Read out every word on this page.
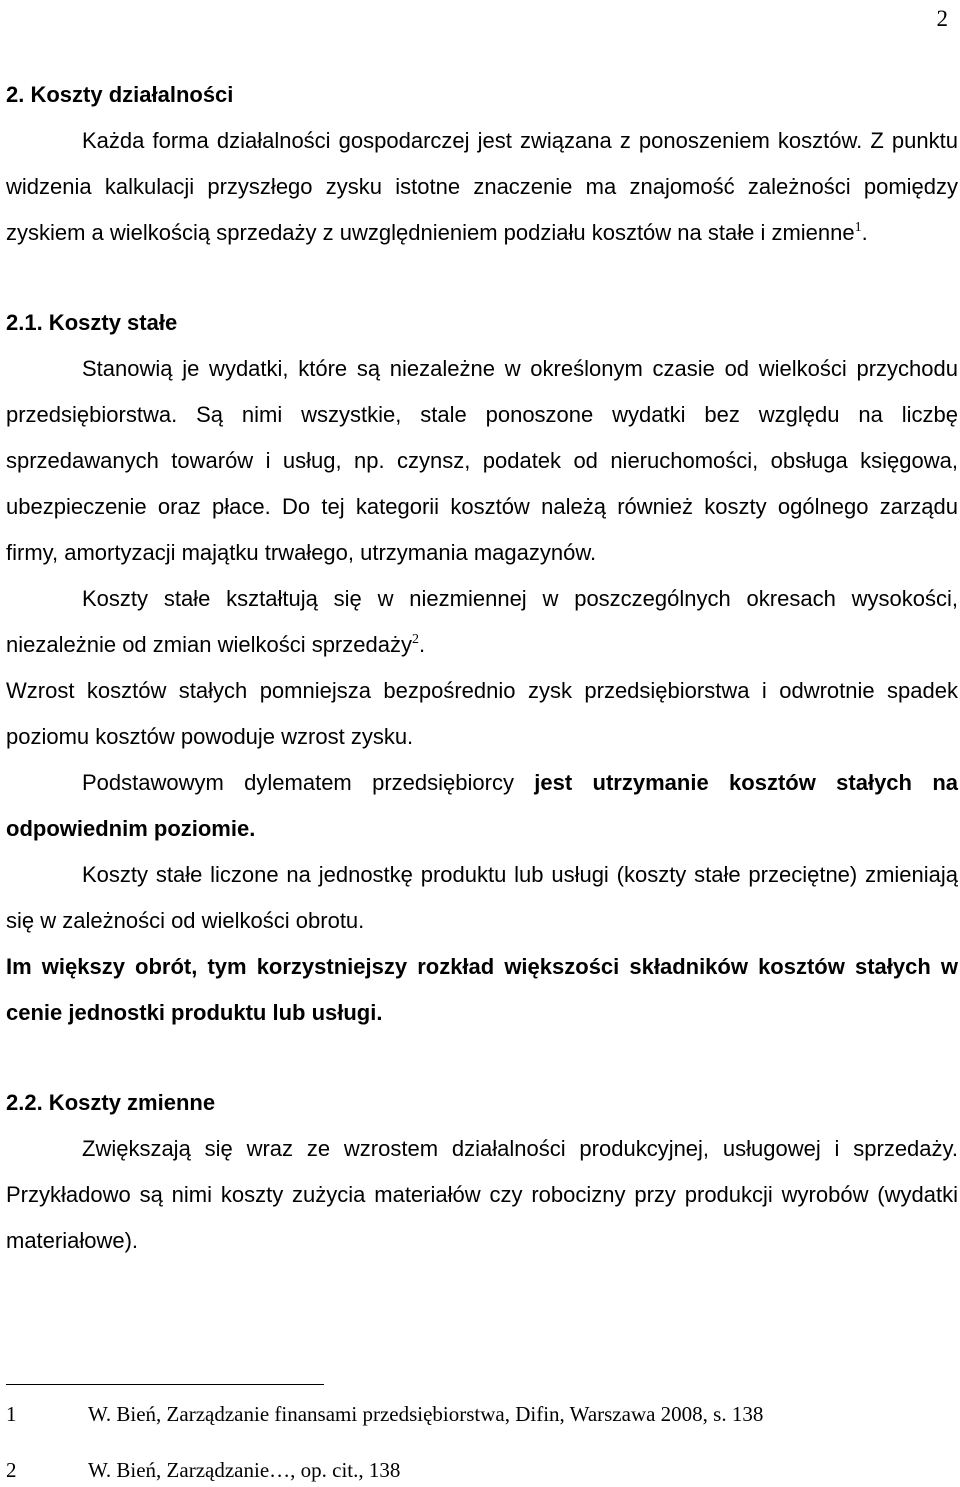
2
2. Koszty działalności

Każda forma działalności gospodarczej jest związana z ponoszeniem kosztów. Z punktu widzenia kalkulacji przyszłego zysku istotne znaczenie ma znajomość zależności pomiędzy zyskiem a wielkością sprzedaży z uwzględnieniem podziału kosztów na stałe i zmienne$^1$.

2.1. Koszty stałe

Stanowią je wydatki, które są niezależne w określonym czasie od wielkości przychodu przedsiębiorstwa. Są nimi wszystkie, stale ponoszone wydatki bez względu na liczbę sprzedawanych towarów i usług, np. czynsz, podatek od nieruchomości, obsługa księgowa, ubezpieczenie oraz płace. Do tej kategorii kosztów należą również koszty ogólnego zarządu firmy, amortyzacji majątku trwałego, utrzymania magazynów.

Koszty stałe kształtują się w niezmiennej w poszczególnych okresach wysokości, niezależnie od zmian wielkości sprzedaży$^2$.

Wzrost kosztów stałych pomniejsza bezpośrednio zysk przedsiębiorstwa i odwrotnie spadek poziomu kosztów powoduje wzrost zysku.

Podstawowym dylematem przedsiębiorcy jest utrzymanie kosztów stałych na odpowiednim poziomie.

Koszty stałe liczone na jednostkę produktu lub usługi (koszty stałe przeciętne) zmieniają się w zależności od wielkości obrotu.

Im większy obrót, tym korzystniejszy rozkład większości składników kosztów stałych w cenie jednostki produktu lub usługi.

2.2. Koszty zmienne

Zwiększają się wraz ze wzrostem działalności produkcyjnej, usługowej i sprzedaży. Przykładowo są nimi koszty zużycia materiałów czy robocizny przy produkcji wyrobów (wydatki materiałowe).

1	W. Bień, Zarządzanie finansami przedsiębiorstwa, Difin, Warszawa 2008, s. 138
2	W. Bień, Zarządzanie…, op. cit., 138
